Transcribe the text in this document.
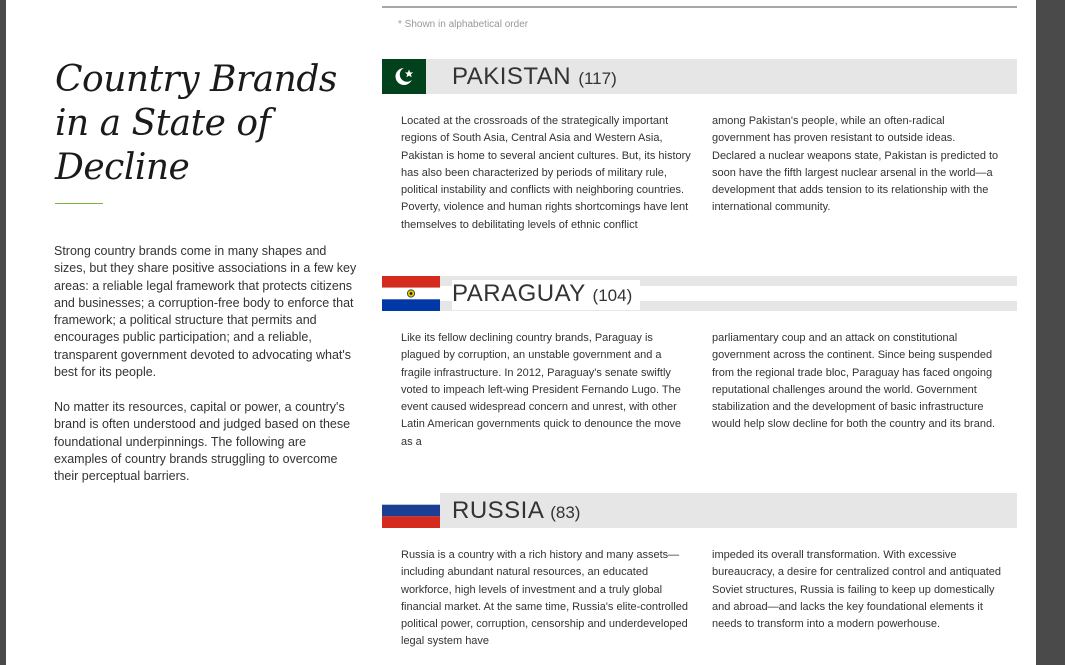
Country Brands in a State of Decline

Strong country brands come in many shapes and sizes, but they share positive associations in a few key areas: a reliable legal framework that protects citizens and businesses; a corruption-free body to enforce that framework; a political structure that permits and encourages public participation; and a reliable, transparent government devoted to advocating what's best for its people.

No matter its resources, capital or power, a country's brand is often understood and judged based on these foundational underpinnings. The following are examples of country brands struggling to overcome their perceptual barriers.

* Shown in alphabetical order
PAKISTAN (117)

Located at the crossroads of the strategically important regions of South Asia, Central Asia and Western Asia, Pakistan is home to several ancient cultures. But, its history has also been characterized by periods of military rule, political instability and conflicts with neighboring countries. Poverty, violence and human rights shortcomings have lent themselves to debilitating levels of ethnic conflict

among Pakistan's people, while an often-radical government has proven resistant to outside ideas. Declared a nuclear weapons state, Pakistan is predicted to soon have the fifth largest nuclear arsenal in the world—a development that adds tension to its relationship with the international community.

PARAGUAY (104)

Like its fellow declining country brands, Paraguay is plagued by corruption, an unstable government and a fragile infrastructure. In 2012, Paraguay's senate swiftly voted to impeach left-wing President Fernando Lugo. The event caused widespread concern and unrest, with other Latin American governments quick to denounce the move as a

parliamentary coup and an attack on constitutional government across the continent. Since being suspended from the regional trade bloc, Paraguay has faced ongoing reputational challenges around the world. Government stabilization and the development of basic infrastructure would help slow decline for both the country and its brand.

RUSSIA (83)

Russia is a country with a rich history and many assets—including abundant natural resources, an educated workforce, high levels of investment and a truly global financial market. At the same time, Russia's elite-controlled political power, corruption, censorship and underdeveloped legal system have

impeded its overall transformation. With excessive bureaucracy, a desire for centralized control and antiquated Soviet structures, Russia is failing to keep up domestically and abroad—and lacks the key foundational elements it needs to transform into a modern powerhouse.
